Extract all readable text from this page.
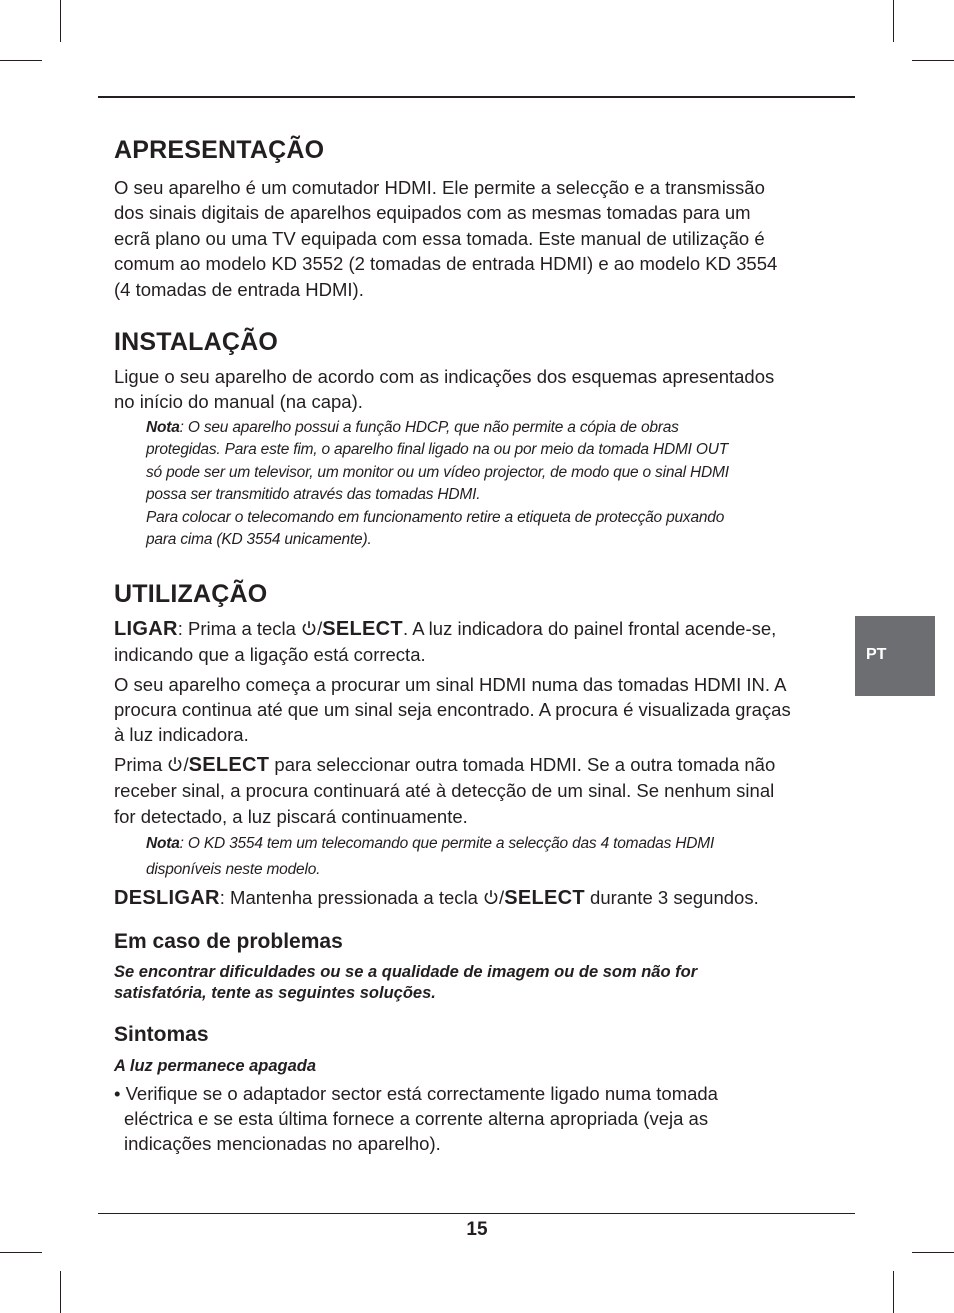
PT
APRESENTAÇÃO

O seu aparelho é um comutador HDMI. Ele permite a selecção e a transmissão

dos sinais digitais de aparelhos equipados com as mesmas tomadas para um

ecrã plano ou uma TV equipada com essa tomada. Este manual de utilização é

comum ao modelo KD 3552 (2 tomadas de entrada HDMI) e ao modelo KD 3554

(4 tomadas de entrada HDMI).

INSTALAÇÃO

Ligue o seu aparelho de acordo com as indicações dos esquemas apresentados

no início do manual (na capa).

Nota: O seu aparelho possui a função HDCP, que não permite a cópia de obras
protegidas. Para este fim, o aparelho final ligado na ou por meio da tomada HDMI OUT
só pode ser um televisor, um monitor ou um vídeo projector, de modo que o sinal HDMI
possa ser transmitido através das tomadas HDMI.
Para colocar o telecomando em funcionamento retire a etiqueta de protecção puxando
para cima (KD 3554 unicamente).
UTILIZAÇÃO

LIGAR: Prima a tecla /SELECT. A luz indicadora do painel frontal acende-se,

indicando que a ligação está correcta.

O seu aparelho começa a procurar um sinal HDMI numa das tomadas HDMI IN. A

procura continua até que um sinal seja encontrado. A procura é visualizada graças

à luz indicadora.

Prima /SELECT para seleccionar outra tomada HDMI. Se a outra tomada não

receber sinal, a procura continuará até à detecção de um sinal. Se nenhum sinal

for detectado, a luz piscará continuamente.

Nota: O KD 3554 tem um telecomando que permite a selecção das 4 tomadas HDMI
disponíveis neste modelo.

DESLIGAR: Mantenha pressionada a tecla /SELECT durante 3 segundos.

Em caso de problemas
Se encontrar dificuldades ou se a qualidade de imagem ou de som não for
satisfatória, tente as seguintes soluções.
Sintomas
A luz permanece apagada

• Verifique se o adaptador sector está correctamente ligado numa tomada

eléctrica e se esta última fornece a corrente alterna apropriada (veja as

indicações mencionadas no aparelho).

15
